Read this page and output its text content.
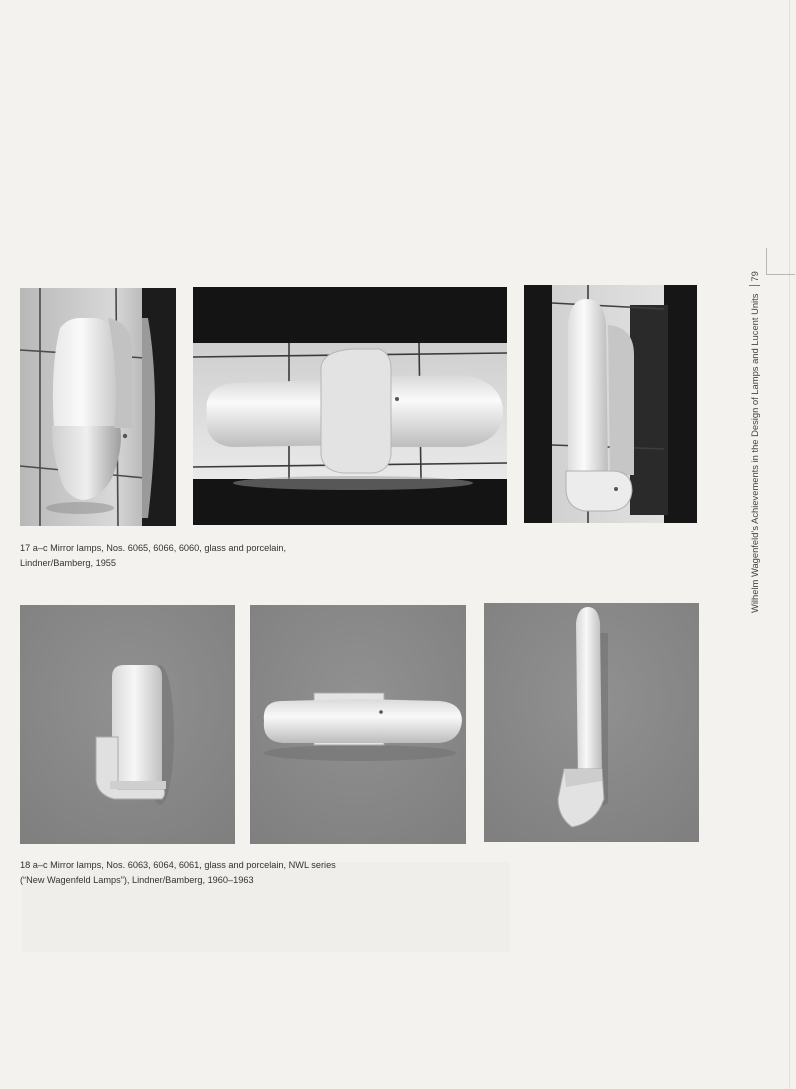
17 a–c Mirror lamps, Nos. 6065, 6066, 6060, glass and porcelain,
Lindner/Bamberg, 1955
18 a–c Mirror lamps, Nos. 6063, 6064, 6061, glass and porcelain, NWL series
(“New Wagenfeld Lamps”), Lindner/Bamberg, 1960–1963
Wilhelm Wagenfeld’s Achievements in the Design of Lamps and Lucent Units79
